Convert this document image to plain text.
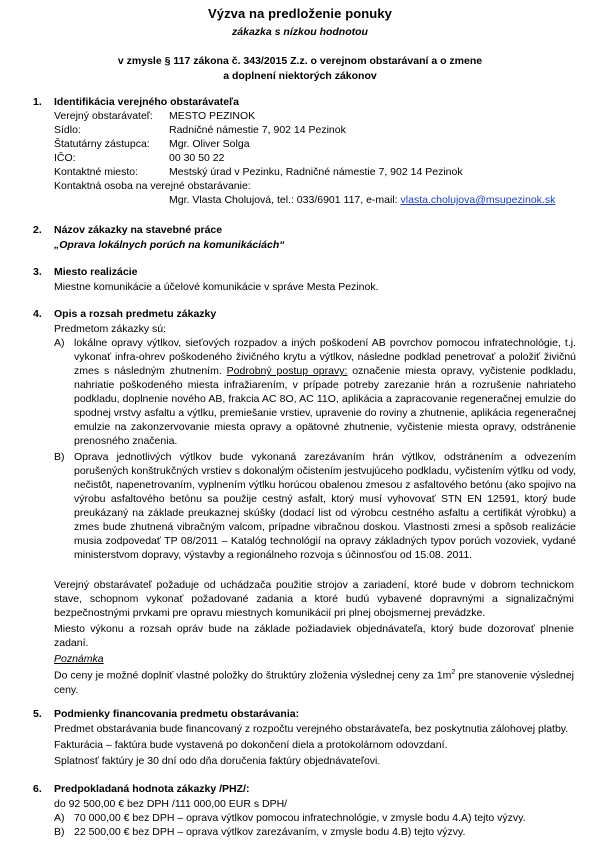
Výzva na predloženie ponuky
zákazka s nízkou hodnotou
v zmysle § 117 zákona č. 343/2015 Z.z. o verejnom obstarávaní a o zmene
a doplnení niektorých zákonov
1. Identifikácia verejného obstarávateľa
Verejný obstarávateľ: MESTO PEZINOK
Sídlo:	Radničné námestie 7, 902 14 Pezinok
Štatutárny zástupca: Mgr. Oliver Solga
IČO:	00 30 50 22
Kontaktné miesto:	Mestský úrad v Pezinku, Radničné námestie 7, 902 14 Pezinok
Kontaktná osoba na verejné obstarávanie:
Mgr. Vlasta Cholujová, tel.: 033/6901 117, e-mail: vlasta.cholujova@msupezinok.sk
2. Názov zákazky na stavebné práce
„Oprava lokálnych porúch na komunikáciách“
3. Miesto realizácie
Miestne komunikácie a účelové komunikácie v správe Mesta Pezinok.
4. Opis a rozsah predmetu zákazky
Predmetom zákazky sú:
A) lokálne opravy výtlkov, sieťových rozpadov a iných poškodení AB povrchov pomocou infratechnológie, t.j. vykonať infra-ohrev poškodeného živičného krytu a výtlkov, následne podklad penetrovať a položiť živičnú zmes s následným zhutnením. Podrobný postup opravy: označenie miesta opravy, vyčistenie podkladu, nahriatie poškodeného miesta infražiarením, v prípade potreby zarezanie hrán a rozrušenie nahriateho podkladu, doplnenie nového AB, frakcia AC 8O, AC 11O, aplikácia a zapracovanie regeneračnej emulzie do spodnej vrstvy asfaltu a výtlku, premiešanie vrstiev, upravenie do roviny a zhutnenie, aplikácia regeneračnej emulzie na zakonzervovanie miesta opravy a opätovné zhutnenie, vyčistenie miesta opravy, odstránenie prenosného značenia.
B) Oprava jednotlivých výtlkov bude vykonaná zarezávaním hrán výtlkov, odstránením a odvezením porušených konštrukčných vrstiev s dokonalým očistením jestvujúceho podkladu, vyčistením výtlku od vody, nečistôt, napenetrovaním, vyplnením výtlku horúcou obalenou zmesou z asfaltového betónu (ako spojivo na výrobu asfaltového betónu sa použije cestný asfalt, ktorý musí vyhovovať STN EN 12591, ktorý bude preukázaný na základe preukaznej skúšky (dodací list od výrobcu cestného asfaltu a certifikát výrobku) a zmes bude zhutnená vibračným valcom, prípadne vibračnou doskou. Vlastnosti zmesi a spôsob realizácie musia zodpovedať TP 08/2011 – Katalóg technológií na opravy základných typov porúch vozoviek, vydané ministerstvom dopravy, výstavby a regionálneho rozvoja s účinnosťou od 15.08. 2011.
Verejný obstarávateľ požaduje od uchádzača použitie strojov a zariadení, ktoré bude v dobrom technickom stave, schopnom vykonať požadované zadania a ktoré budú vybavené dopravnými a signalizačnými bezpečnostnými prvkami pre opravu miestnych komunikácií pri plnej obojsmernej prevádzke.
Miesto výkonu a rozsah opráv bude na základe požiadaviek objednávateľa, ktorý bude dozorovať plnenie zadaní.
Poznámka
Do ceny je možné doplniť vlastné položky do štruktúry zloženia výslednej ceny za $1m^2$ pre stanovenie výslednej ceny.
5. Podmienky financovania predmetu obstarávania:
Predmet obstarávania bude financovaný z rozpočtu verejného obstarávateľa, bez poskytnutia zálohovej platby.
Fakturácia – faktúra bude vystavená po dokončení diela a protokolárnom odovzdaní.
Splatnosť faktúry je 30 dní odo dňa doručenia faktúry objednávateľovi.
6. Predpokladaná hodnota zákazky /PHZ/:
do 92 500,00 € bez DPH /111 000,00 EUR s DPH/
A) 70 000,00 € bez DPH – oprava výtlkov pomocou infratechnológie, v zmysle bodu 4.A) tejto výzvy.
B) 22 500,00 € bez DPH – oprava výtlkov zarezávaním, v zmysle bodu 4.B) tejto výzvy.
